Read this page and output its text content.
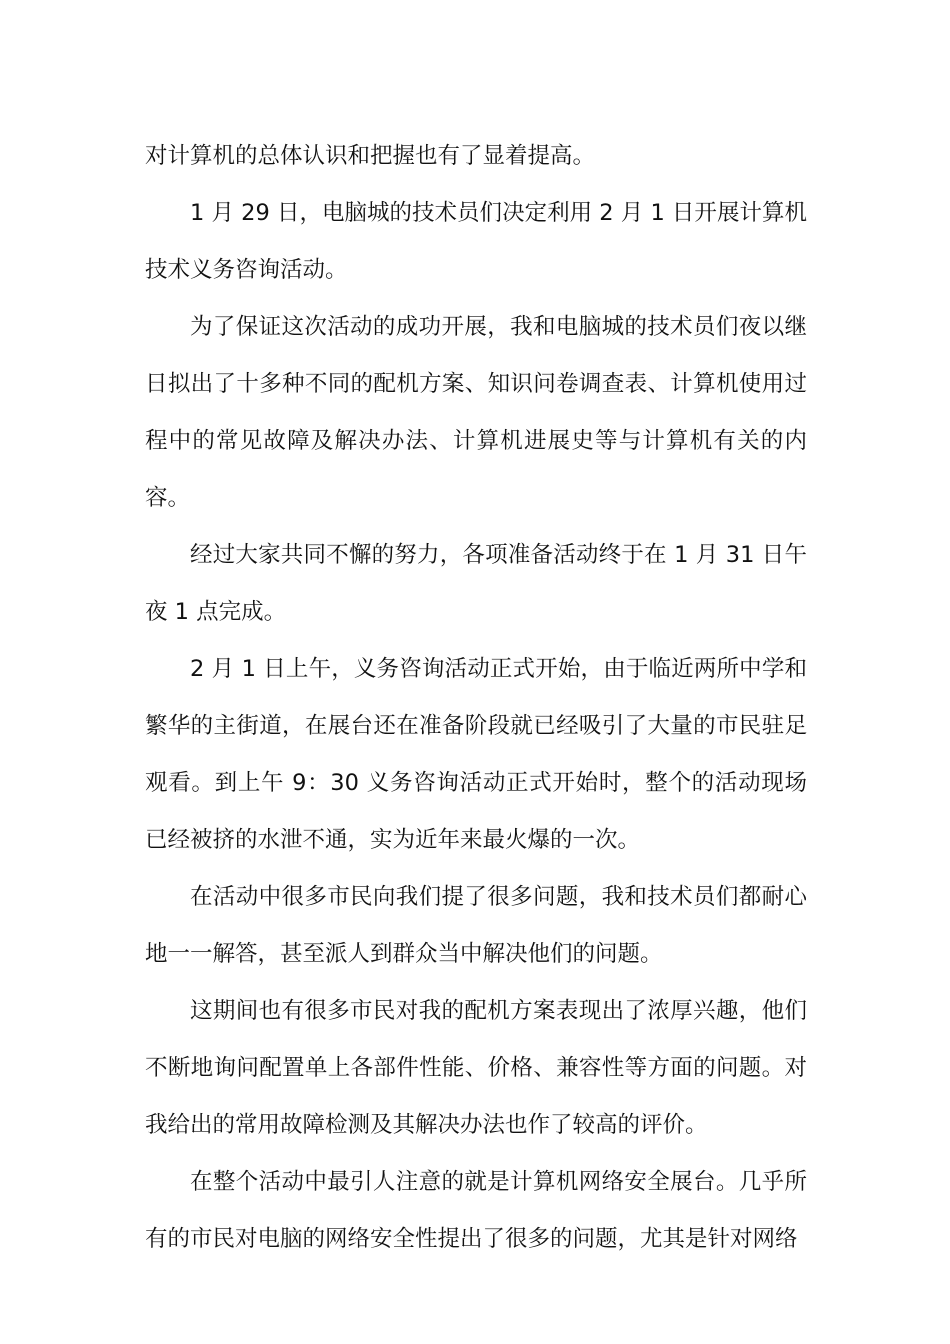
对计算机的总体认识和把握也有了显着提高。

1 月 29 日，电脑城的技术员们决定利用 2 月 1 日开展计算机技术义务咨询活动。

为了保证这次活动的成功开展，我和电脑城的技术员们夜以继日拟出了十多种不同的配机方案、知识问卷调查表、计算机使用过程中的常见故障及解决办法、计算机进展史等与计算机有关的内容。

经过大家共同不懈的努力，各项准备活动终于在 1 月 31 日午夜 1 点完成。

2 月 1 日上午，义务咨询活动正式开始，由于临近两所中学和繁华的主街道，在展台还在准备阶段就已经吸引了大量的市民驻足观看。到上午 9：30 义务咨询活动正式开始时，整个的活动现场已经被挤的水泄不通，实为近年来最火爆的一次。

在活动中很多市民向我们提了很多问题，我和技术员们都耐心地一一解答，甚至派人到群众当中解决他们的问题。

这期间也有很多市民对我的配机方案表现出了浓厚兴趣，他们不断地询问配置单上各部件性能、价格、兼容性等方面的问题。对我给出的常用故障检测及其解决办法也作了较高的评价。

在整个活动中最引人注意的就是计算机网络安全展台。几乎所有的市民对电脑的网络安全性提出了很多的问题，尤其是针对网络
